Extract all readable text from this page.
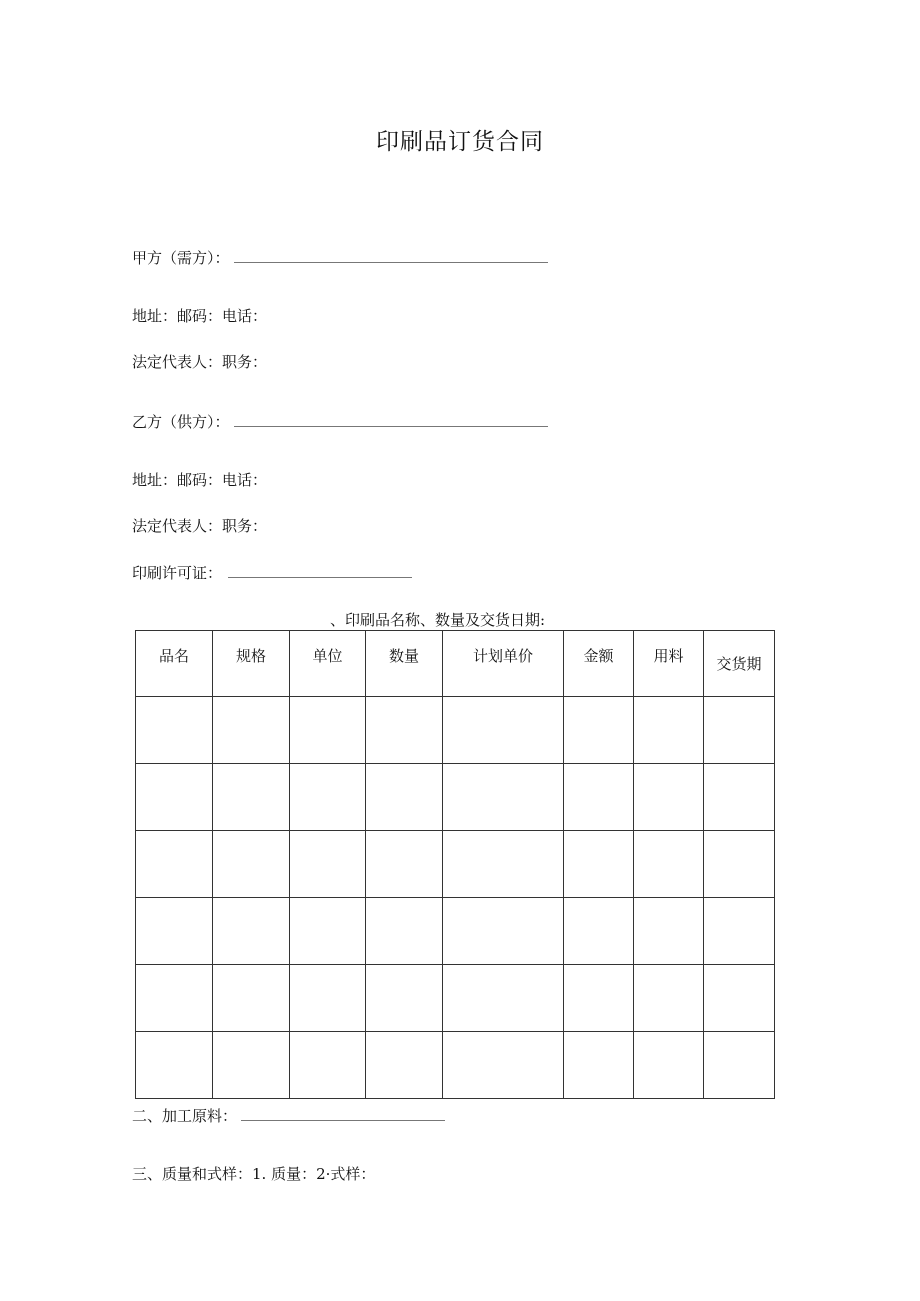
印刷品订货合同
甲方（需方）：
地址：邮码：电话：
法定代表人：职务：
乙方（供方）：
地址：邮码：电话：
法定代表人：职务：
印刷许可证：
、印刷品名称、数量及交货日期:
品名	规格	单位	数量	计划单价	金额	用料	交货期

二、加工原料：
三、质量和式样：1. 质量：2·式样：
